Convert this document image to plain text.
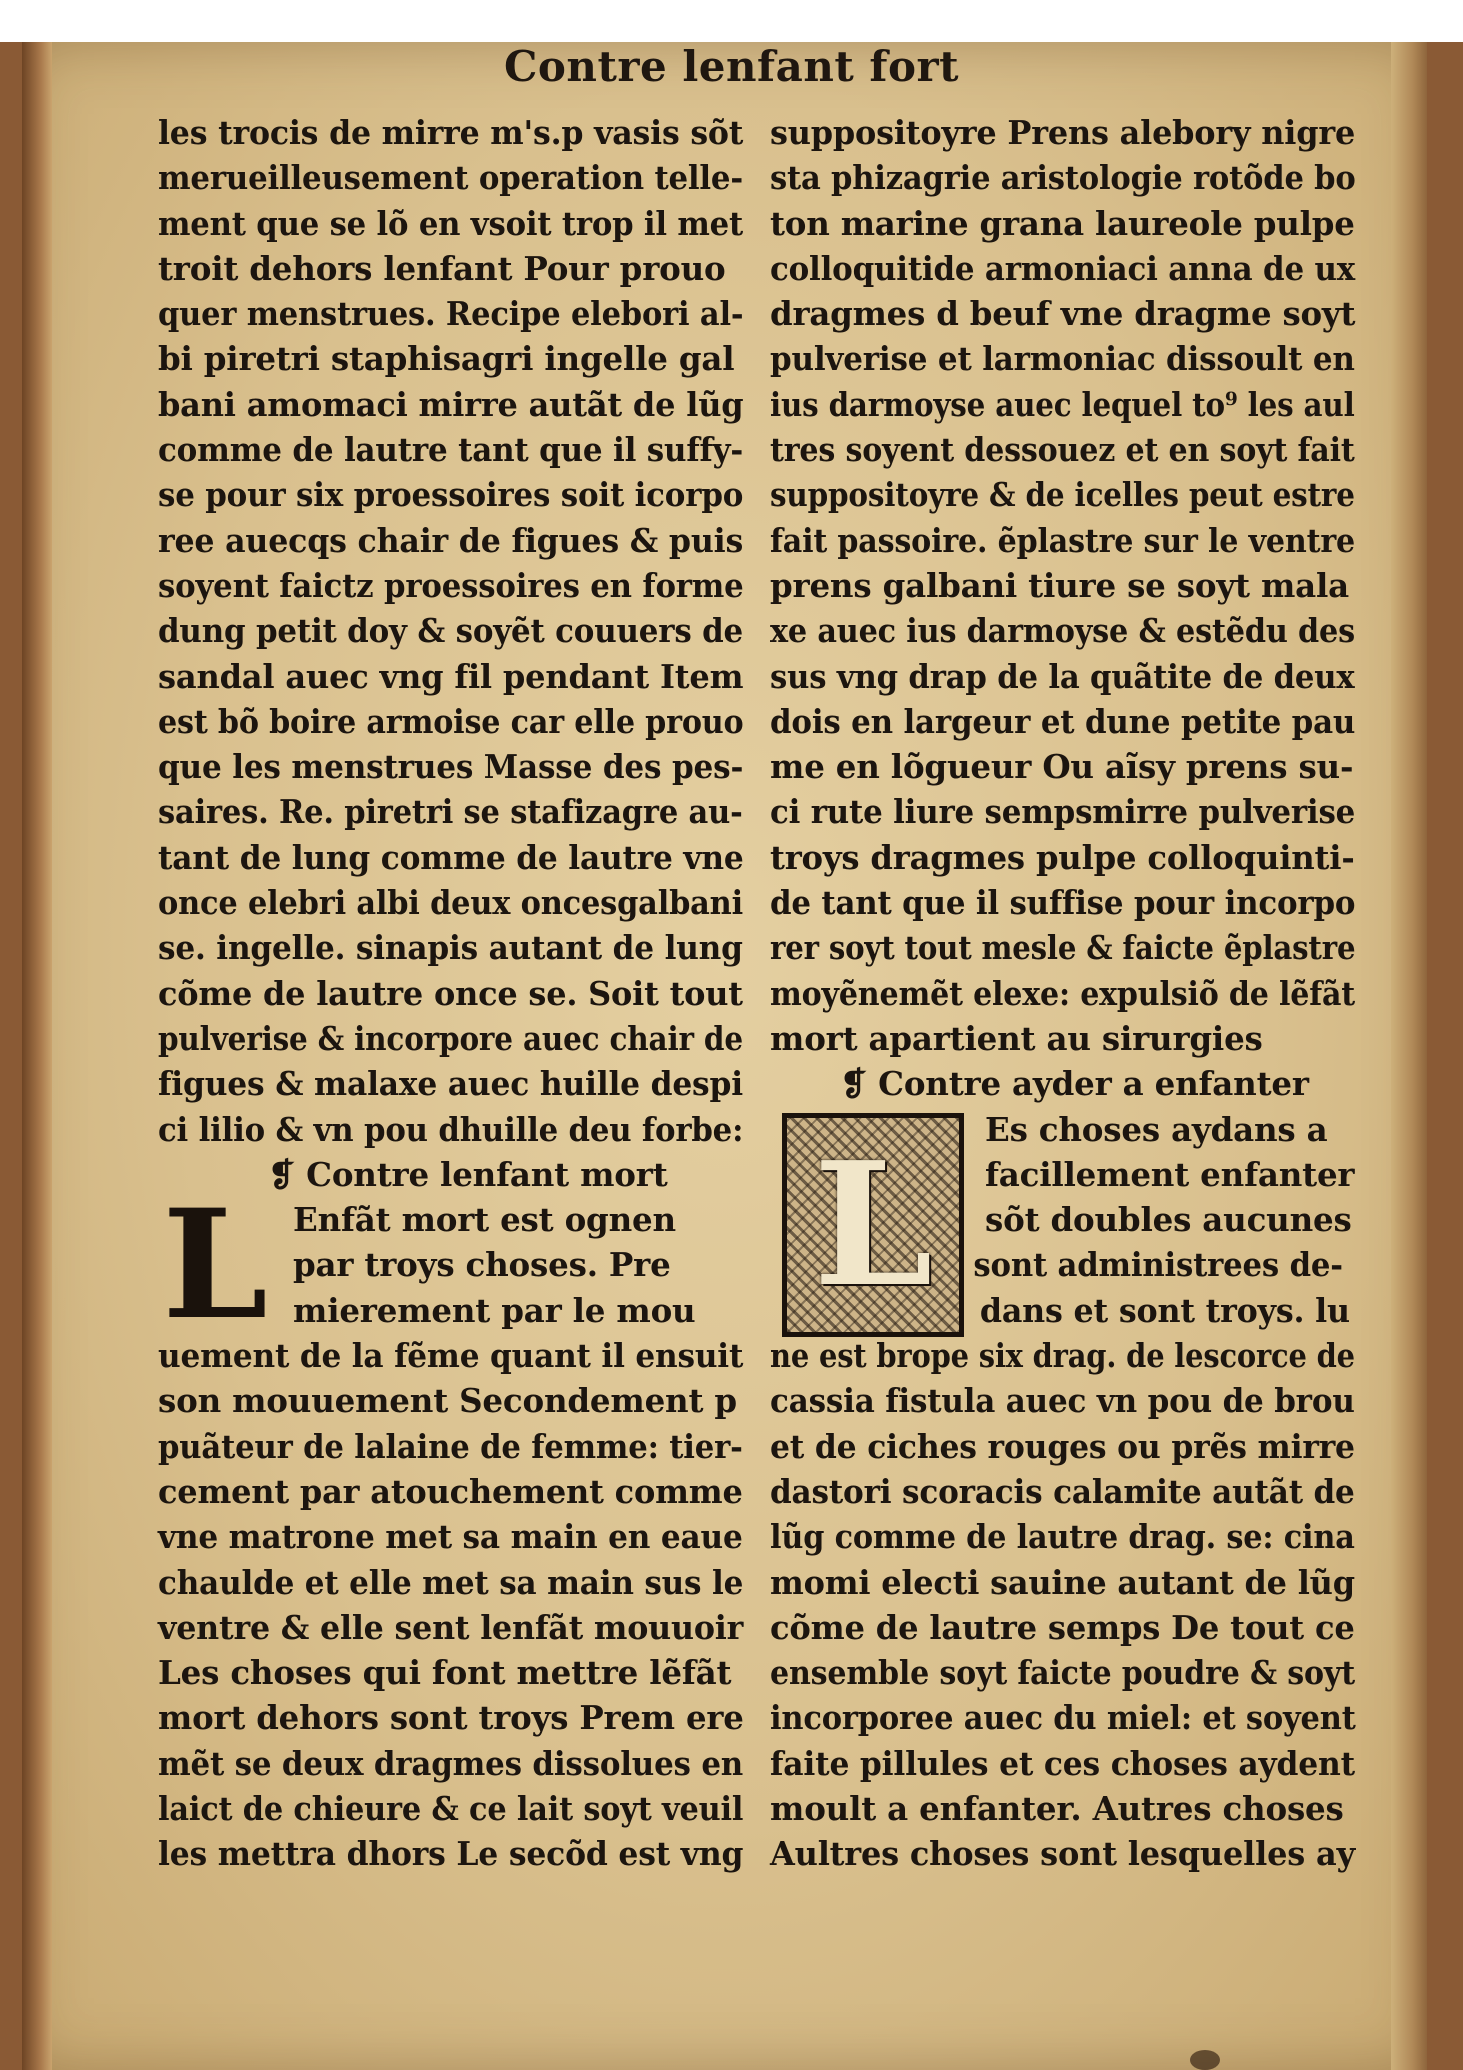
Contre lenfant fort
les trocis de mirre m's.p vasis sõt
merueilleusement operation telle-
ment que se lõ en vsoit trop il met
troit dehors lenfant Pour prouo
quer menstrues. Recipe elebori al-
bi piretri staphisagri ingelle gal
bani amomaci mirre autãt de lũg
comme de lautre tant que il suffy-
se pour six proessoires soit icorpo
ree auecqs chair de figues & puis
soyent faictz proessoires en forme
dung petit doy & soyẽt couuers de
sandal auec vng fil pendant Item
est bõ boire armoise car elle prouo
que les menstrues Masse des pes-
saires. Re. piretri se stafizagre au-
tant de lung comme de lautre vne
once elebri albi deux oncesgalbani
se. ingelle. sinapis autant de lung
cõme de lautre once se. Soit tout
pulverise & incorpore auec chair de
figues & malaxe auec huille despi
ci lilio & vn pou dhuille deu forbe:
❡ Contre lenfant mort
L Enfãt mort est ognen
par troys choses. Pre
mierement par le mou
uement de la fẽme quant il ensuit
son mouuement Secondement p
puãteur de lalaine de femme: tier-
cement par atouchement comme
vne matrone met sa main en eaue
chaulde et elle met sa main sus le
ventre & elle sent lenfãt mouuoir
Les choses qui font mettre lẽfãt
mort dehors sont troys Prem ere
mẽt se deux dragmes dissolues en
laict de chieure & ce lait soyt veuil
les mettra dhors Le secõd est vng
suppositoyre Prens alebory nigre
sta phizagrie aristologie rotõde bo
ton marine grana laureole pulpe
colloquitide armoniaci anna de ux
dragmes d beuf vne dragme soyt
pulverise et larmoniac dissoult en
ius darmoyse auec lequel to⁹ les aul
tres soyent dessouez et en soyt fait
suppositoyre & de icelles peut estre
fait passoire. ẽplastre sur le ventre
prens galbani tiure se soyt mala
xe auec ius darmoyse & estẽdu des
sus vng drap de la quãtite de deux
dois en largeur et dune petite pau
me en lõgueur Ou aĩsy prens su-
ci rute liure sempsmirre pulverise
troys dragmes pulpe colloquinti-
de tant que il suffise pour incorpo
rer soyt tout mesle & faicte ẽplastre
moyẽnemẽt elexe: expulsiõ de lẽfãt
mort apartient au sirurgies
❡ Contre ayder a enfanter
L	Es choses aydans a
facillement enfanter
sõt doubles aucunes
sont administrees de-
dans et sont troys. lu
ne est brope six drag. de lescorce de
cassia fistula auec vn pou de brou
et de ciches rouges ou prẽs mirre
dastori scoracis calamite autãt de
lũg comme de lautre drag. se: cina
momi electi sauine autant de lũg
cõme de lautre semps De tout ce
ensemble soyt faicte poudre & soyt
incorporee auec du miel: et soyent
faite pillules et ces choses aydent
moult a enfanter. Autres choses
Aultres choses sont lesquelles ay
